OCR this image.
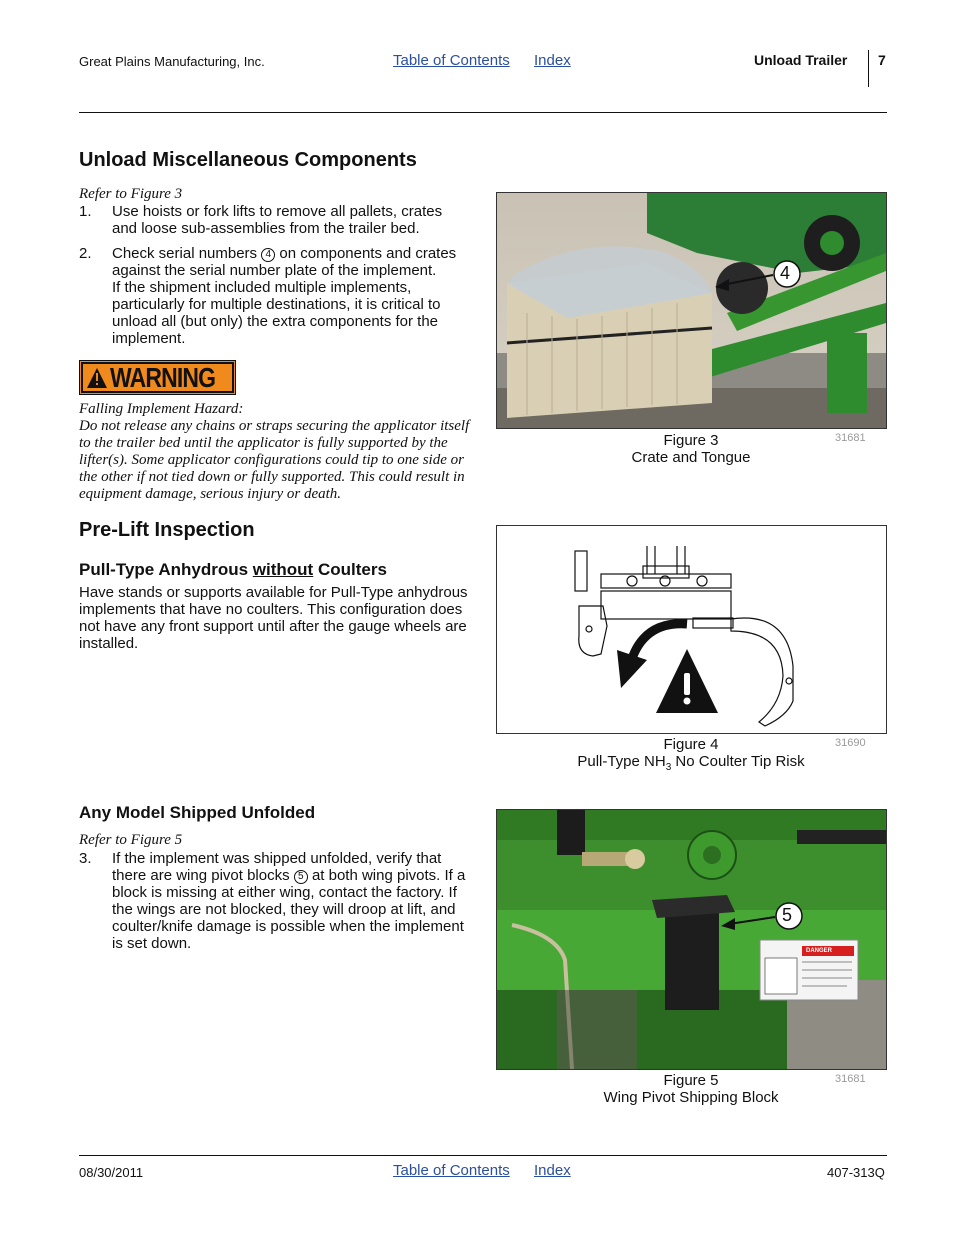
Great Plains Manufacturing, Inc.	Table of Contents Index	Unload Trailer 7
Unload Miscellaneous Components
Refer to Figure 3
1. Use hoists or fork lifts to remove all pallets, crates and loose sub-assemblies from the trailer bed.
2. Check serial numbers 4 on components and crates against the serial number plate of the implement.
If the shipment included multiple implements, particularly for multiple destinations, it is critical to unload all (but only) the extra components for the implement.
WARNING
Falling Implement Hazard:
Do not release any chains or straps securing the applicator itself to the trailer bed until the applicator is fully supported by the lifter(s). Some applicator configurations could tip to one side or the other if not tied down or fully supported. This could result in equipment damage, serious injury or death.
4
Figure 3
Crate and Tongue
31681
Pre-Lift Inspection
Pull-Type Anhydrous without Coulters
Have stands or supports available for Pull-Type anhydrous implements that have no coulters. This configuration does not have any front support until after the gauge wheels are installed.
Figure 4
Pull-Type $NH_3$ No Coulter Tip Risk
31690
Any Model Shipped Unfolded
Refer to Figure 5
3. If the implement was shipped unfolded, verify that there are wing pivot blocks 5 at both wing pivots. If a block is missing at either wing, contact the factory. If the wings are not blocked, they will droop at lift, and coulter/knife damage is possible when the implement is set down.
5
DANGER
Figure 5
Wing Pivot Shipping Block
31681
08/30/2011	Table of Contents Index	407-313Q
